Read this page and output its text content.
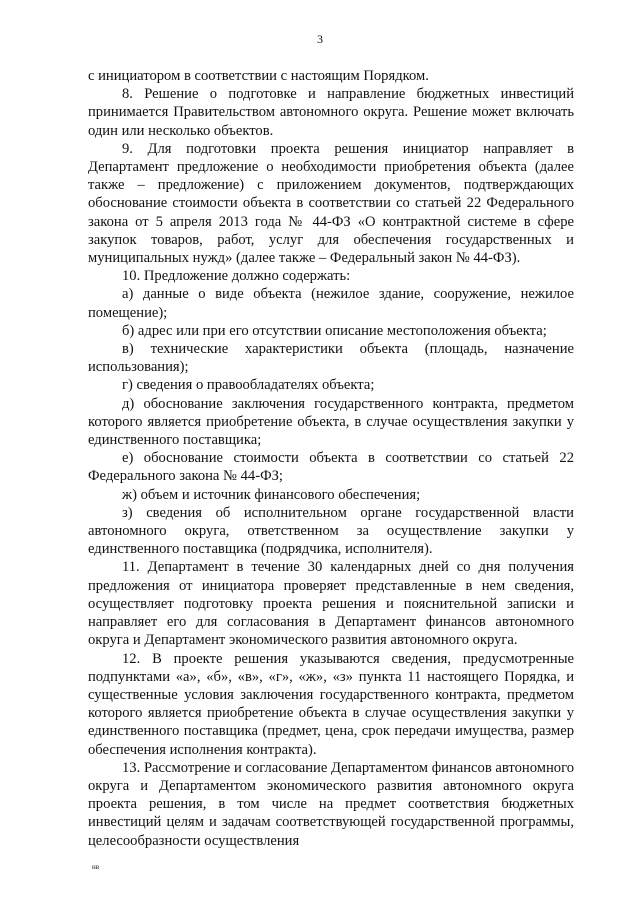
3

с инициатором в соответствии с настоящим Порядком.

8. Решение о подготовке и направление бюджетных инвестиций принимается Правительством автономного округа. Решение может включать один или несколько объектов.

9. Для подготовки проекта решения инициатор направляет в Департамент предложение о необходимости приобретения объекта (далее также – предложение) с приложением документов, подтверждающих обоснование стоимости объекта в соответствии со статьей 22 Федерального закона от 5 апреля 2013 года № 44-ФЗ «О контрактной системе в сфере закупок товаров, работ, услуг для обеспечения государственных и муниципальных нужд» (далее также – Федеральный закон № 44-ФЗ).

10. Предложение должно содержать:

а) данные о виде объекта (нежилое здание, сооружение, нежилое помещение);

б) адрес или при его отсутствии описание местоположения объекта;

в) технические характеристики объекта (площадь, назначение использования);

г) сведения о правообладателях объекта;

д) обоснование заключения государственного контракта, предметом которого является приобретение объекта, в случае осуществления закупки у единственного поставщика;

е) обоснование стоимости объекта в соответствии со статьей 22 Федерального закона № 44-ФЗ;

ж) объем и источник финансового обеспечения;

з) сведения об исполнительном органе государственной власти автономного округа, ответственном за осуществление закупки у единственного поставщика (подрядчика, исполнителя).

11. Департамент в течение 30 календарных дней со дня получения предложения от инициатора проверяет представленные в нем сведения, осуществляет подготовку проекта решения и пояснительной записки и направляет его для согласования в Департамент финансов автономного округа и Департамент экономического развития автономного округа.

12. В проекте решения указываются сведения, предусмотренные подпунктами «а», «б», «в», «г», «ж», «з» пункта 11 настоящего Порядка, и существенные условия заключения государственного контракта, предметом которого является приобретение объекта в случае осуществления закупки у единственного поставщика (предмет, цена, срок передачи имущества, размер обеспечения исполнения контракта).

13. Рассмотрение и согласование Департаментом финансов автономного округа и Департаментом экономического развития автономного округа проекта решения, в том числе на предмет соответствия бюджетных инвестиций целям и задачам соответствующей государственной программы, целесообразности осуществления

нв
